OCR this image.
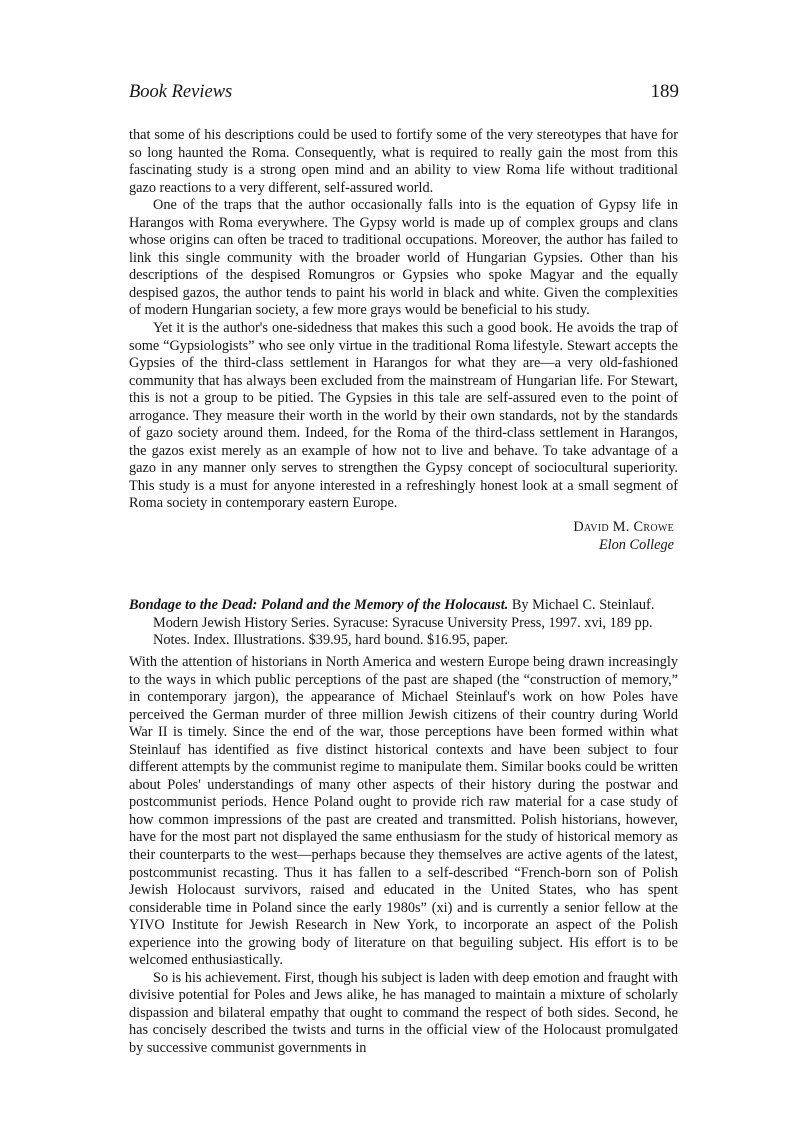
Book Reviews	189

that some of his descriptions could be used to fortify some of the very stereotypes that have for so long haunted the Roma. Consequently, what is required to really gain the most from this fascinating study is a strong open mind and an ability to view Roma life without traditional gazo reactions to a very different, self-assured world.

One of the traps that the author occasionally falls into is the equation of Gypsy life in Harangos with Roma everywhere. The Gypsy world is made up of complex groups and clans whose origins can often be traced to traditional occupations. Moreover, the author has failed to link this single community with the broader world of Hungarian Gypsies. Other than his descriptions of the despised Romungros or Gypsies who spoke Magyar and the equally despised gazos, the author tends to paint his world in black and white. Given the complexities of modern Hungarian society, a few more grays would be beneficial to his study.

Yet it is the author's one-sidedness that makes this such a good book. He avoids the trap of some “Gypsiologists” who see only virtue in the traditional Roma lifestyle. Stewart accepts the Gypsies of the third-class settlement in Harangos for what they are—a very old-fashioned community that has always been excluded from the mainstream of Hungarian life. For Stewart, this is not a group to be pitied. The Gypsies in this tale are self-assured even to the point of arrogance. They measure their worth in the world by their own standards, not by the standards of gazo society around them. Indeed, for the Roma of the third-class settlement in Harangos, the gazos exist merely as an example of how not to live and behave. To take advantage of a gazo in any manner only serves to strengthen the Gypsy concept of sociocultural superiority. This study is a must for anyone interested in a refreshingly honest look at a small segment of Roma society in contemporary eastern Europe.

David M. Crowe
Elon College
Bondage to the Dead: Poland and the Memory of the Holocaust. By Michael C. Steinlauf. Modern Jewish History Series. Syracuse: Syracuse University Press, 1997. xvi, 189 pp. Notes. Index. Illustrations. $39.95, hard bound. $16.95, paper.

With the attention of historians in North America and western Europe being drawn increasingly to the ways in which public perceptions of the past are shaped (the “construction of memory,” in contemporary jargon), the appearance of Michael Steinlauf's work on how Poles have perceived the German murder of three million Jewish citizens of their country during World War II is timely. Since the end of the war, those perceptions have been formed within what Steinlauf has identified as five distinct historical contexts and have been subject to four different attempts by the communist regime to manipulate them. Similar books could be written about Poles' understandings of many other aspects of their history during the postwar and postcommunist periods. Hence Poland ought to provide rich raw material for a case study of how common impressions of the past are created and transmitted. Polish historians, however, have for the most part not displayed the same enthusiasm for the study of historical memory as their counterparts to the west—perhaps because they themselves are active agents of the latest, postcommunist recasting. Thus it has fallen to a self-described “French-born son of Polish Jewish Holocaust survivors, raised and educated in the United States, who has spent considerable time in Poland since the early 1980s” (xi) and is currently a senior fellow at the YIVO Institute for Jewish Research in New York, to incorporate an aspect of the Polish experience into the growing body of literature on that beguiling subject. His effort is to be welcomed enthusiastically.

So is his achievement. First, though his subject is laden with deep emotion and fraught with divisive potential for Poles and Jews alike, he has managed to maintain a mixture of scholarly dispassion and bilateral empathy that ought to command the respect of both sides. Second, he has concisely described the twists and turns in the official view of the Holocaust promulgated by successive communist governments in
